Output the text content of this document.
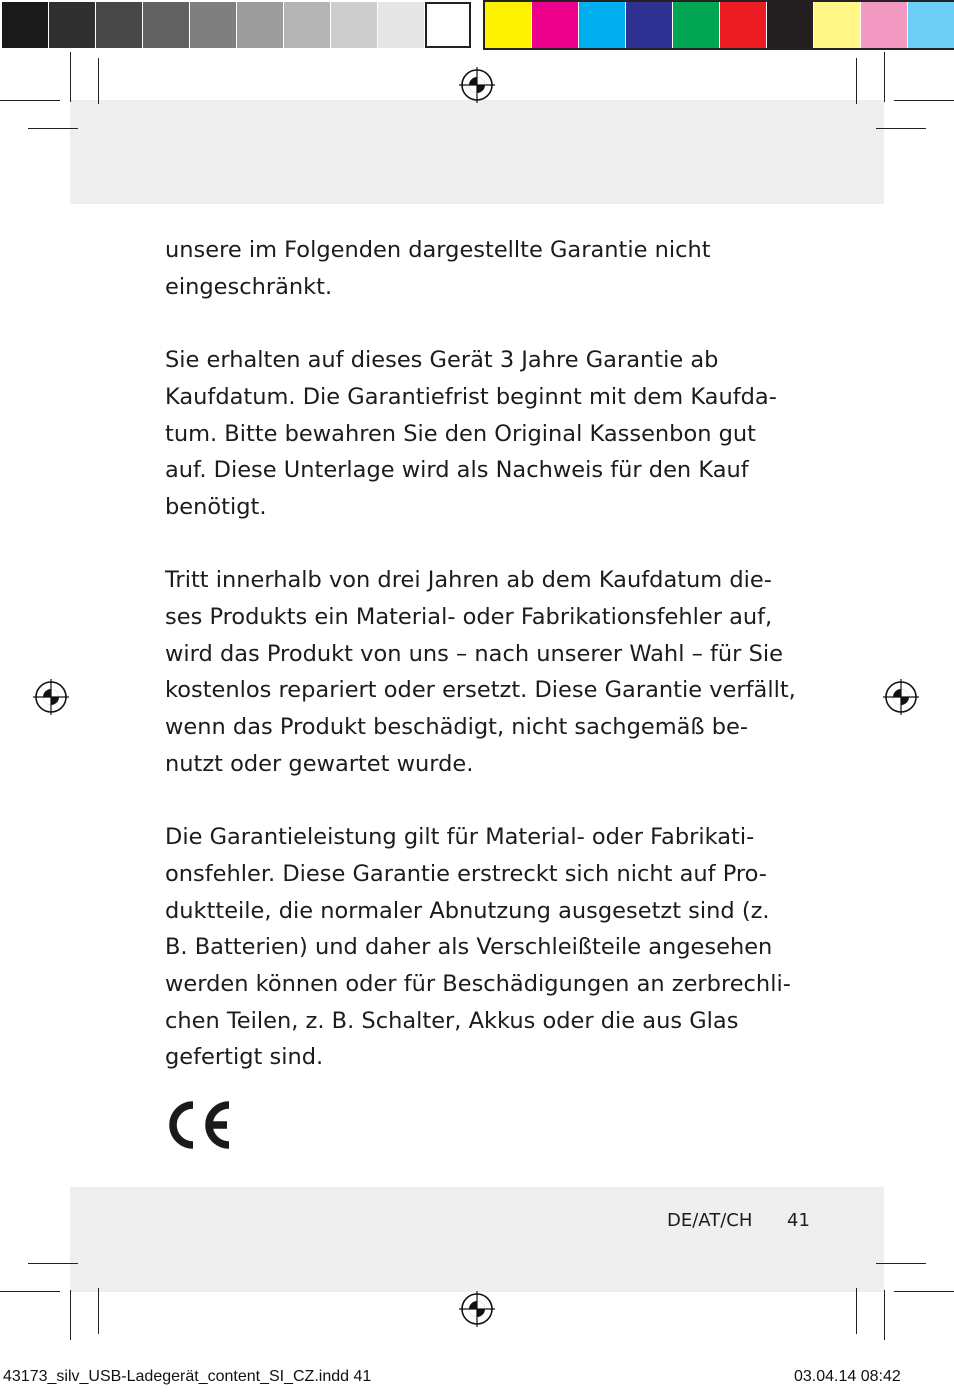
unsere im Folgenden dargestellte Garantie nicht
eingeschränkt.

Sie erhalten auf dieses Gerät 3 Jahre Garantie ab
Kaufdatum. Die Garantiefrist beginnt mit dem Kaufda-
tum. Bitte bewahren Sie den Original Kassenbon gut
auf. Diese Unterlage wird als Nachweis für den Kauf
benötigt.

Tritt innerhalb von drei Jahren ab dem Kaufdatum die-
ses Produkts ein Material- oder Fabrikationsfehler auf,
wird das Produkt von uns – nach unserer Wahl – für Sie
kostenlos repariert oder ersetzt. Diese Garantie verfällt,
wenn das Produkt beschädigt, nicht sachgemäß be-
nutzt oder gewartet wurde.

Die Garantieleistung gilt für Material- oder Fabrikati-
onsfehler. Diese Garantie erstreckt sich nicht auf Pro-
duktteile, die normaler Abnutzung ausgesetzt sind (z.
B. Batterien) und daher als Verschleißteile angesehen
werden können oder für Beschädigungen an zerbrechli-
chen Teilen, z. B. Schalter, Akkus oder die aus Glas
gefertigt sind.

DE/AT/CH 41
43173_silv_USB-Ladegerät_content_SI_CZ.indd 41	03.04.14 08:42
